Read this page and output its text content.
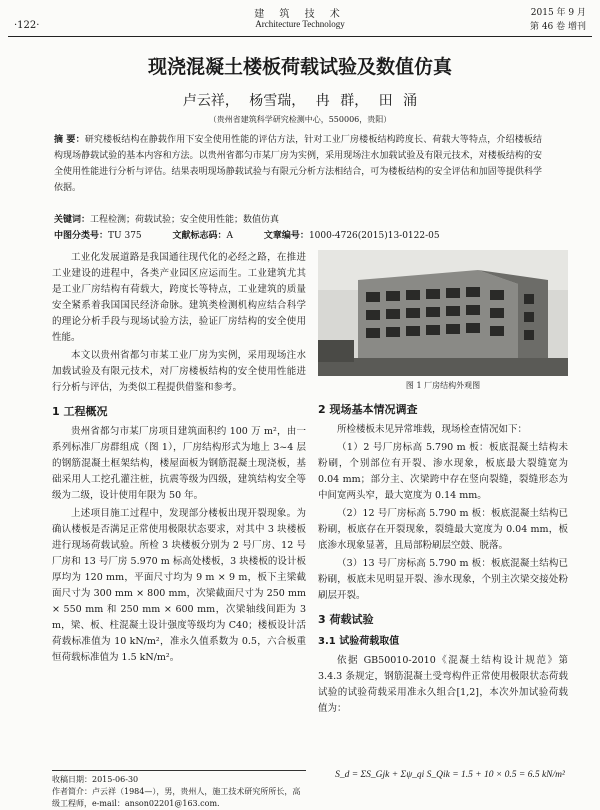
·122·
建 筑 技 术
Architecture Technology
2015 年 9 月
第 46 卷 增刊
现浇混凝土楼板荷载试验及数值仿真
卢云祥， 杨雪瑞， 冉 群， 田 涌
（贵州省建筑科学研究检测中心，550006，贵阳）
摘 要：研究楼板结构在静载作用下安全使用性能的评估方法，针对工业厂房楼板结构跨度长、荷载大等特点，介绍楼板结构现场静载试验的基本内容和方法。以贵州省都匀市某厂房为实例，采用现场注水加载试验及有限元技术，对楼板结构的安全使用性能进行分析与评估。结果表明现场静载试验与有限元分析方法相结合，可为楼板结构的安全评估和加固等提供科学依据。
关键词：工程检测；荷载试验；安全使用性能；数值仿真
中图分类号：TU 375	文献标志码：A	文章编号：1000-4726(2015)13-0122-05

工业化发展道路是我国通往现代化的必经之路，在推进工业建设的进程中，各类产业园区应运而生。工业建筑尤其是工业厂房结构有荷载大，跨度长等特点，工业建筑的质量安全紧系着我国国民经济命脉。建筑类检测机构应结合科学的理论分析手段与现场试验方法，验证厂房结构的安全使用性能。

本文以贵州省都匀市某工业厂房为实例，采用现场注水加载试验及有限元技术，对厂房楼板结构的安全使用性能进行分析与评估，为类似工程提供借鉴和参考。

1 工程概况

贵州省都匀市某厂房项目建筑面积约 100 万 m²，由一系列标准厂房群组成（图 1），厂房结构形式为地上 3~4 层的钢筋混凝土框架结构，楼屋面板为钢筋混凝土现浇板，基础采用人工挖孔灌注桩，抗震等级为四级，建筑结构安全等级为二级，设计使用年限为 50 年。

上述项目施工过程中，发现部分楼板出现开裂现象。为确认楼板是否满足正常使用极限状态要求，对其中 3 块楼板进行现场荷载试验。所检 3 块楼板分别为 2 号厂房、12 号厂房和 13 号厂房 5.970 m 标高处楼板，3 块楼板的设计板厚均为 120 mm，平面尺寸均为 9 m × 9 m，板下主梁截面尺寸为 300 mm × 800 mm，次梁截面尺寸为 250 mm × 550 mm 和 250 mm × 600 mm，次梁轴线间距为 3 m，梁、板、柱混凝土设计强度等级均为 C40；楼板设计活荷载标准值为 10 kN/m²，准永久值系数为 0.5，六合板重恒荷载标准值为 1.5 kN/m²。

收稿日期：2015-06-30
作者简介：卢云祥（1984—），男，贵州人，施工技术研究所所长，高级工程师，e-mail：anson02201@163.com.
图 1 厂房结构外观图
2 现场基本情况调查

所检楼板未见异常堆载，现场检查情况如下：

（1）2 号厂房标高 5.790 m 板：板底混凝土结构未粉刷，个别部位有开裂、渗水现象，板底最大裂缝宽为 0.04 mm；部分主、次梁跨中存在竖向裂缝，裂缝形态为中间宽两头窄，最大宽度为 0.14 mm。

（2）12 号厂房标高 5.790 m 板：板底混凝土结构已粉刷，板底存在开裂现象，裂缝最大宽度为 0.04 mm，板底渗水现象显著，且局部粉刷层空鼓、脱落。

（3）13 号厂房标高 5.790 m 板：板底混凝土结构已粉刷，板底未见明显开裂、渗水现象，个别主次梁交接处粉刷层开裂。

3 荷载试验
3.1 试验荷载取值

依据 GB50010-2010《混凝土结构设计规范》第 3.4.3 条规定，钢筋混凝土受弯构件正常使用极限状态荷载试验的试验荷载采用准永久组合[1,2]，本次外加试验荷载值为：

S_d = ΣS_Gjk + Σψ_qi S_Qik = 1.5 + 10 × 0.5 = 6.5 kN/m²
